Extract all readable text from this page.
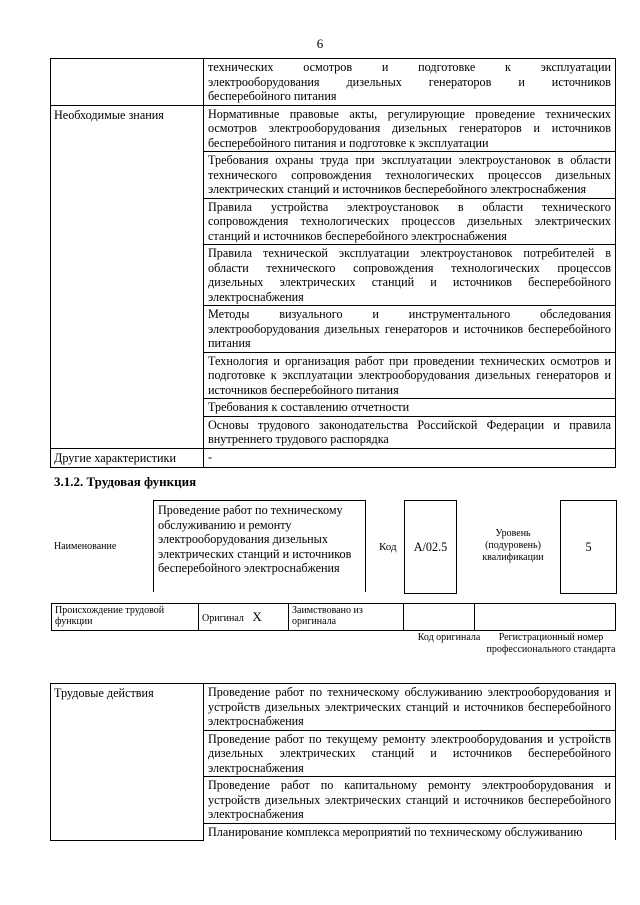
6

	технических осмотров и подготовке к эксплуатации
электрооборудования дизельных генераторов и источников
бесперебойного питания
Необходимые знания	Нормативные правовые акты, регулирующие проведение технических осмотров электрооборудования дизельных генераторов и источников бесперебойного питания и подготовке к эксплуатации
	Требования охраны труда при эксплуатации электроустановок в области технического сопровождения технологических процессов дизельных электрических станций и источников бесперебойного электроснабжения
	Правила устройства электроустановок в области технического сопровождения технологических процессов дизельных электрических станций и источников бесперебойного электроснабжения
	Правила технической эксплуатации электроустановок потребителей в области технического сопровождения технологических процессов дизельных электрических станций и источников бесперебойного электроснабжения
	Методы визуального и инструментального обследования электрооборудования дизельных генераторов и источников бесперебойного питания
	Технология и организация работ при проведении технических осмотров и подготовке к эксплуатации электрооборудования дизельных генераторов и источников бесперебойного питания
	Требования к составлению отчетности
	Основы трудового законодательства Российской Федерации и правила внутреннего трудового распорядка
Другие характеристики	-
3.1.2. Трудовая функция
Наименование
Проведение работ по техническому обслуживанию и ремонту электрооборудования дизельных электрических станций и источников бесперебойного электроснабжения
Код	A/02.5
Уровень (подуровень) квалификации
5
Происхождение трудовой функции	Оригинал X	Заимствовано из оригинала		
Код оригинала	Регистрационный номер профессионального стандарта
Трудовые действия	Проведение работ по техническому обслуживанию электрооборудования и устройств дизельных электрических станций и источников бесперебойного электроснабжения
Проведение работ по текущему ремонту электрооборудования и устройств дизельных электрических станций и источников бесперебойного электроснабжения
Проведение работ по капитальному ремонту электрооборудования и устройств дизельных электрических станций и источников бесперебойного электроснабжения
Планирование комплекса мероприятий по техническому обслуживанию
